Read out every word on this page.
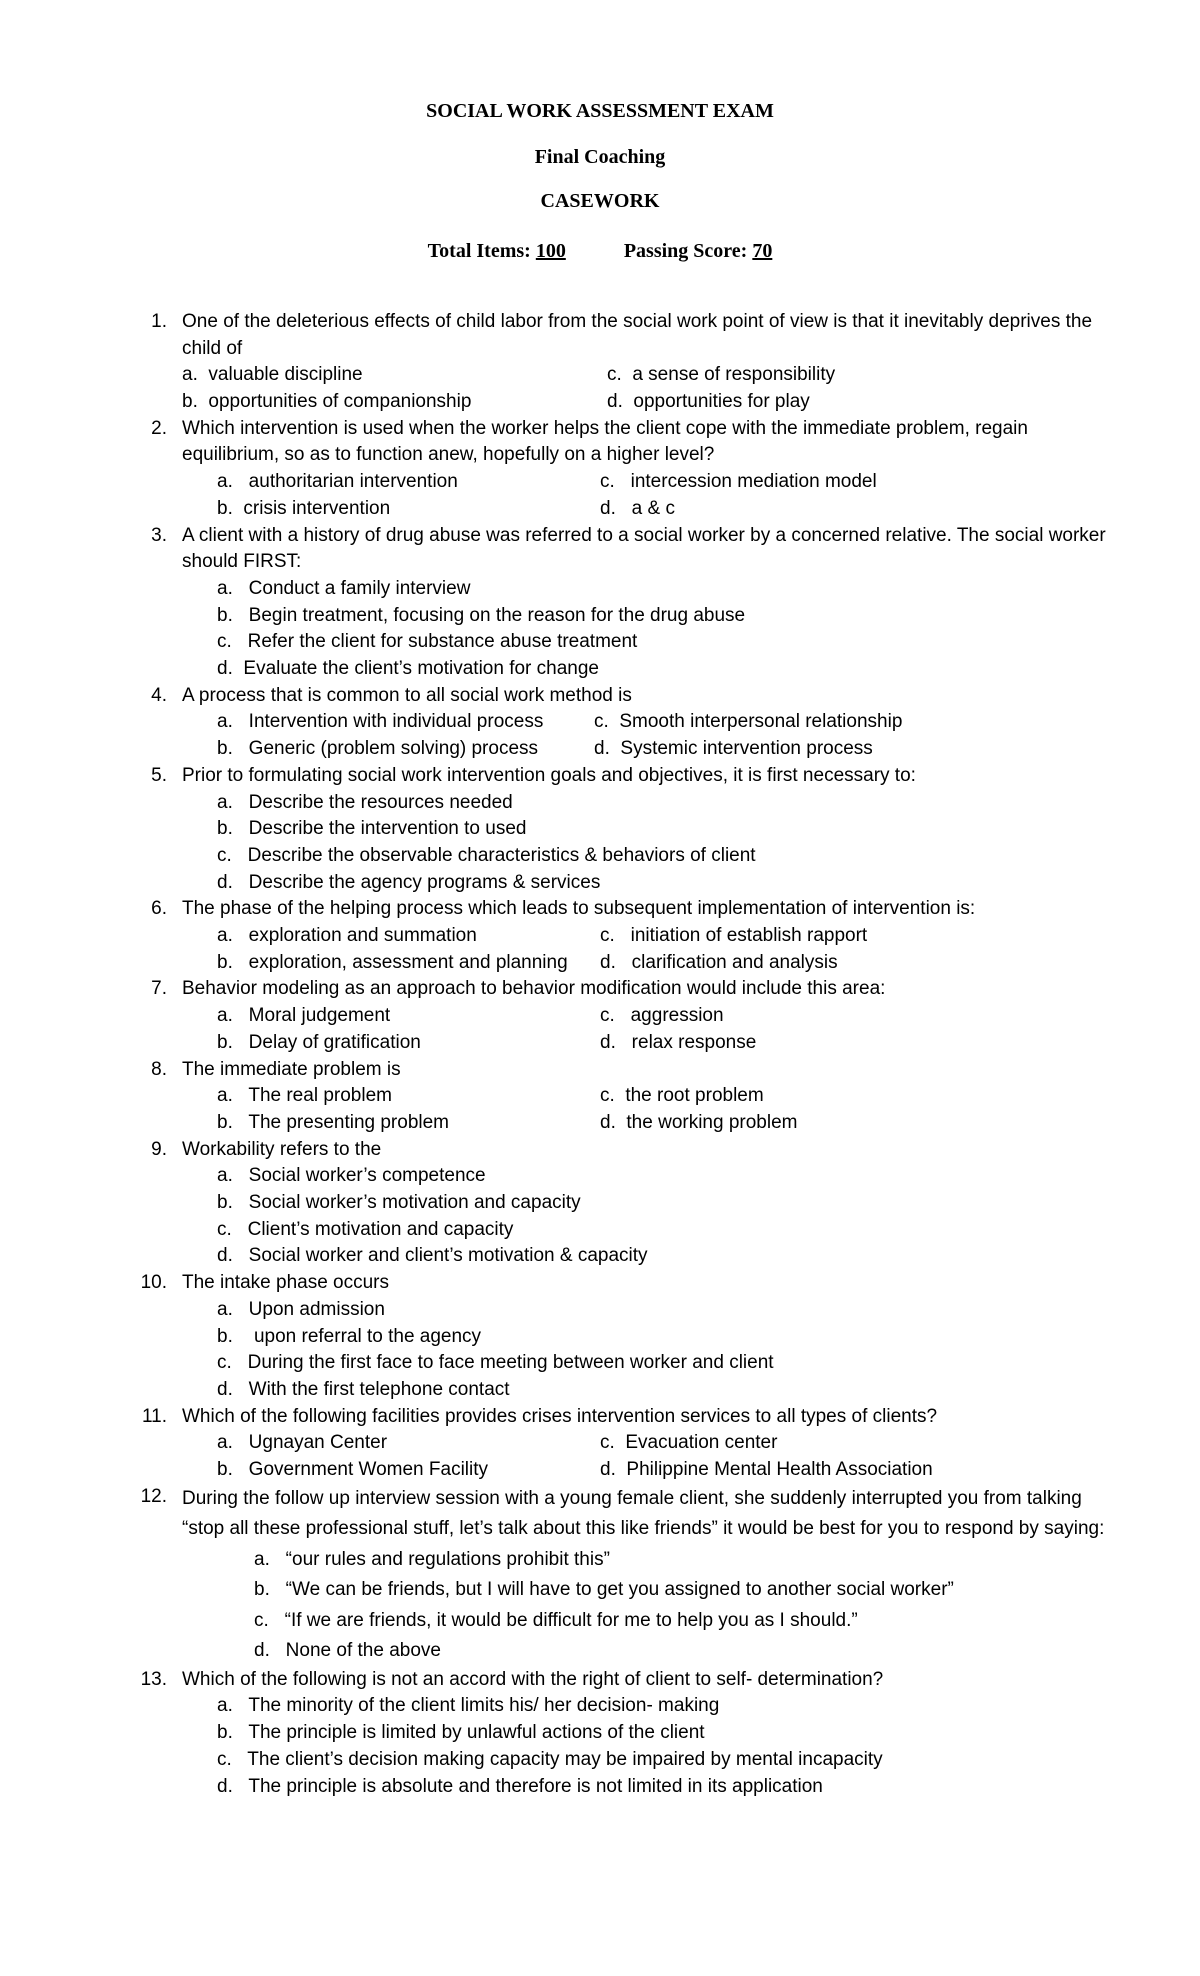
SOCIAL WORK ASSESSMENT EXAM
Final Coaching
CASEWORK
Total Items: 100	Passing Score: 70
1. One of the deleterious effects of child labor from the social work point of view is that it inevitably deprives the child of
a.  valuable discipline	c.  a sense of responsibility
b.  opportunities of companionship	d.  opportunities for play
2. Which intervention is used when the worker helps the client cope with the immediate problem, regain equilibrium, so as to function anew, hopefully on a higher level?
a.   authoritarian intervention	c.   intercession mediation model
b.  crisis intervention	d.   a & c
3. A client with a history of drug abuse was referred to a social worker by a concerned relative. The social worker should FIRST:
a.   Conduct a family interview
b.   Begin treatment, focusing on the reason for the drug abuse
c.   Refer the client for substance abuse treatment
d.  Evaluate the client’s motivation for change
4. A process that is common to all social work method is
a.   Intervention with individual process	c.  Smooth interpersonal relationship
b.   Generic (problem solving) process	d.  Systemic intervention process
5. Prior to formulating social work intervention goals and objectives, it is first necessary to:
a.   Describe the resources needed
b.   Describe the intervention to used
c.   Describe the observable characteristics & behaviors of client
d.   Describe the agency programs & services
6. The phase of the helping process which leads to subsequent implementation of intervention is:
a.   exploration and summation	c.   initiation of establish rapport
b.   exploration, assessment and planning	d.   clarification and analysis
7. Behavior modeling as an approach to behavior modification would include this area:
a.   Moral judgement	c.   aggression
b.   Delay of gratification	d.   relax response
8. The immediate problem is
a.   The real problem	c.  the root problem
b.   The presenting problem	d.  the working problem
9. Workability refers to the
a.   Social worker’s competence
b.   Social worker’s motivation and capacity
c.   Client’s motivation and capacity
d.   Social worker and client’s motivation & capacity
10. The intake phase occurs
a.   Upon admission
b.    upon referral to the agency
c.   During the first face to face meeting between worker and client
d.   With the first telephone contact
11. Which of the following facilities provides crises intervention services to all types of clients?
a.   Ugnayan Center	c.  Evacuation center
b.   Government Women Facility	d.  Philippine Mental Health Association
12. During the follow up interview session with a young female client, she suddenly interrupted you from talking “stop all these professional stuff, let’s talk about this like friends” it would be best for you to respond by saying:
a.   “our rules and regulations prohibit this”
b.   “We can be friends, but I will have to get you assigned to another social worker”
c.   “If we are friends, it would be difficult for me to help you as I should.”
d.   None of the above
13. Which of the following is not an accord with the right of client to self- determination?
a.   The minority of the client limits his/ her decision- making
b.   The principle is limited by unlawful actions of the client
c.   The client’s decision making capacity may be impaired by mental incapacity
d.   The principle is absolute and therefore is not limited in its application
